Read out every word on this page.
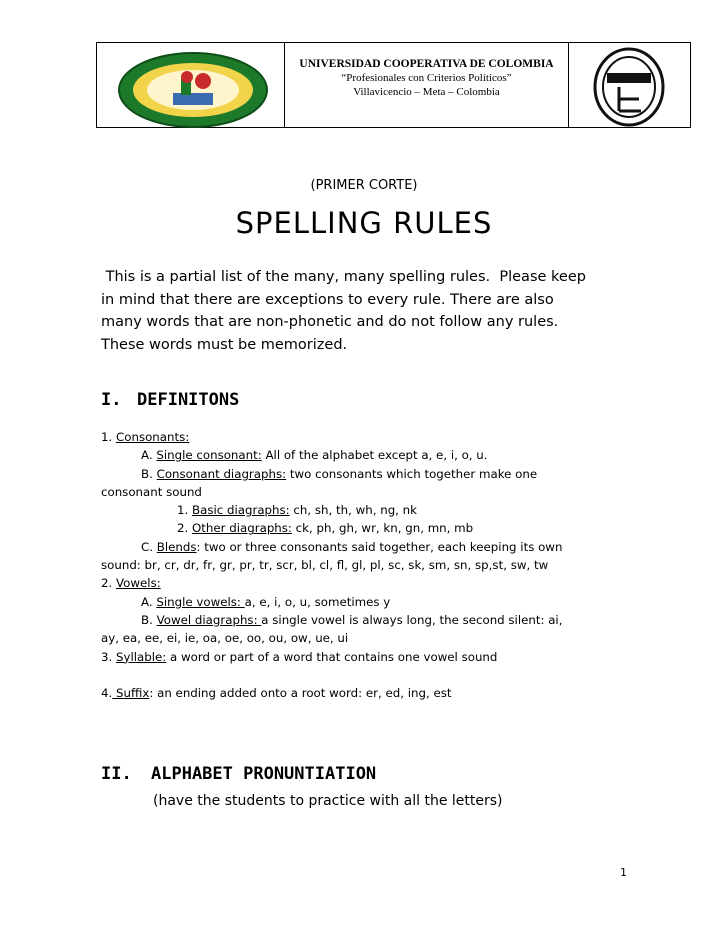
UNIVERSIDAD COOPERATIVA DE COLOMBIA
“Profesionales con Criterios Políticos”
Villavicencio – Meta – Colombia
(PRIMER CORTE)
SPELLING RULES

This is a partial list of the many, many spelling rules.  Please keep

in mind that there are exceptions to every rule. There are also

many words that are non-phonetic and do not follow any rules.

These words must be memorized.

I. DEFINITONS
1. Consonants:
A. Single consonant: All of the alphabet except a, e, i, o, u.
B. Consonant diagraphs: two consonants which together make one
consonant sound
1. Basic diagraphs: ch, sh, th, wh, ng, nk
2. Other diagraphs: ck, ph, gh, wr, kn, gn, mn, mb
C. Blends: two or three consonants said together, each keeping its own
sound: br, cr, dr, fr, gr, pr, tr, scr, bl, cl, fl, gl, pl, sc, sk, sm, sn, sp,st, sw, tw
2. Vowels:
A. Single vowels: a, e, i, o, u, sometimes y
B. Vowel diagraphs: a single vowel is always long, the second silent: ai,
ay, ea, ee, ei, ie, oa, oe, oo, ou, ow, ue, ui
3. Syllable: a word or part of a word that contains one vowel sound
4. Suffix: an ending added onto a root word: er, ed, ing, est
II. ALPHABET PRONUNTIATION
(have the students to practice with all the letters)
1
